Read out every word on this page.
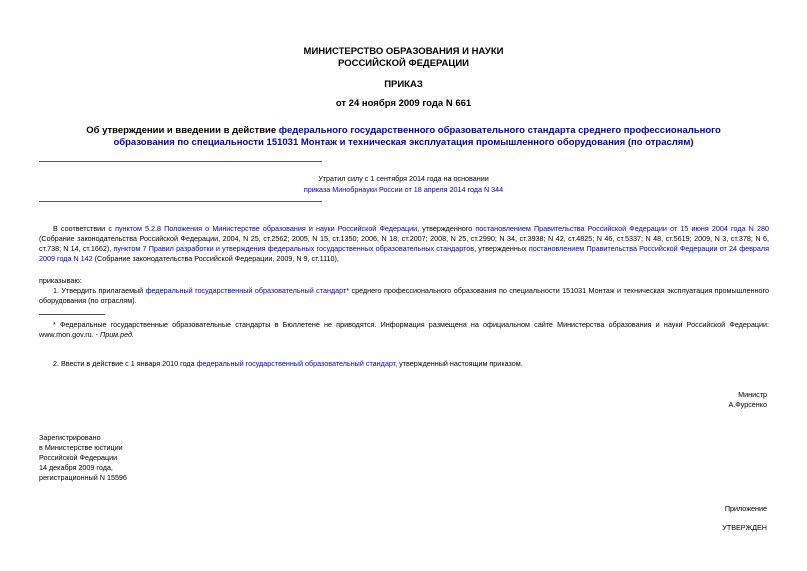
МИНИСТЕРСТВО ОБРАЗОВАНИЯ И НАУКИ
РОССИЙСКОЙ ФЕДЕРАЦИИ
ПРИКАЗ
от 24 ноября 2009 года N 661
Об утверждении и введении в действие федерального государственного образовательного стандарта среднего профессионального образования по специальности 151031 Монтаж и техническая эксплуатация промышленного оборудования (по отраслям)
Утратил силу с 1 сентября 2014 года на основании
приказа Минобрнауки России от 18 апреля 2014 года N 344
В соответствии с пунктом 5.2.8 Положения о Министерстве образования и науки Российской Федерации, утвержденного постановлением Правительства Российской Федерации от 15 июня 2004 года N 280 (Собрание законодательства Российской Федерации, 2004, N 25, ст.2562; 2005, N 15, ст.1350; 2006, N 18, ст.2007; 2008, N 25, ст.2990; N 34, ст.3938; N 42, ст.4825; N 46, ст.5337; N 48, ст.5619; 2009, N 3, ст.378; N 6, ст.738; N 14, ст.1662), пунктом 7 Правил разработки и утверждения федеральных государственных образовательных стандартов, утвержденных постановлением Правительства Российской Федерации от 24 февраля 2009 года N 142 (Собрание законодательства Российской Федерации, 2009, N 9, ст.1110),
приказываю:
1. Утвердить прилагаемый федеральный государственный образовательный стандарт* среднего профессионального образования по специальности 151031 Монтаж и техническая эксплуатация промышленного оборудования (по отраслям).
* Федеральные государственные образовательные стандарты в Бюллетене не приводятся. Информация размещена на официальном сайте Министерства образования и науки Российской Федерации: www.mon.gov.ru. - Прим.ред.
2. Ввести в действие с 1 января 2010 года федеральный государственный образовательный стандарт, утвержденный настоящим приказом.
Министр
А.Фурсенко
Зарегистрировано
в Министерстве юстиции
Российской Федерации
14 декабря 2009 года,
регистрационный N 15596
Приложение
УТВЕРЖДЕН
